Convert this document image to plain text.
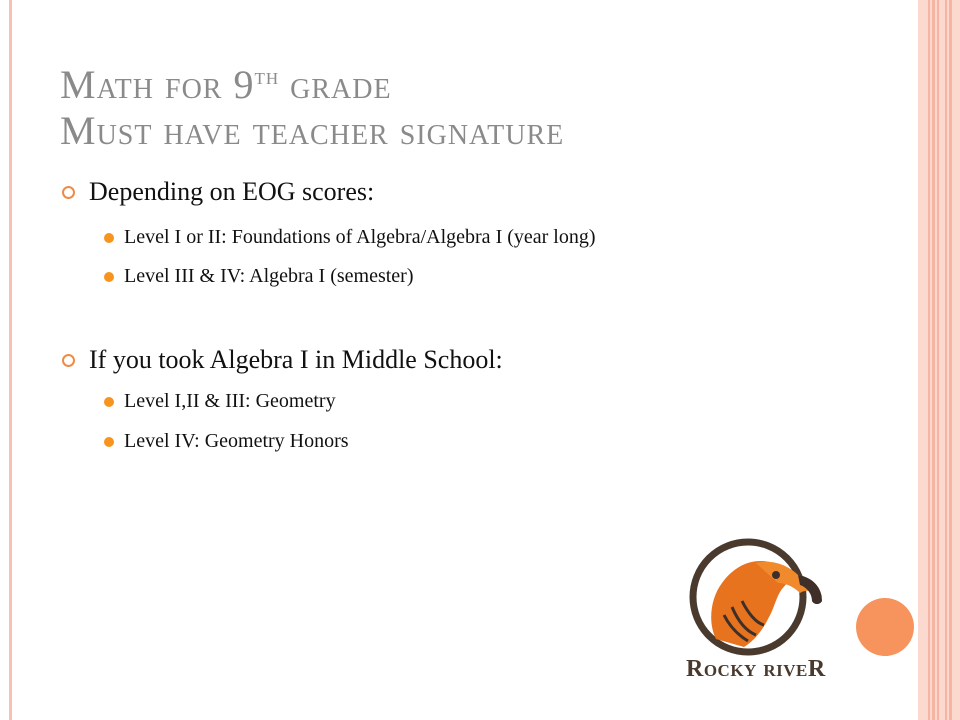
Math for 9th grade
Must have teacher signature
Depending on EOG scores:
Level I or II: Foundations of Algebra/Algebra I (year long)
Level III & IV: Algebra I (semester)
If you took Algebra I in Middle School:
Level I,II & III: Geometry
Level IV: Geometry Honors
Rocky riveR
